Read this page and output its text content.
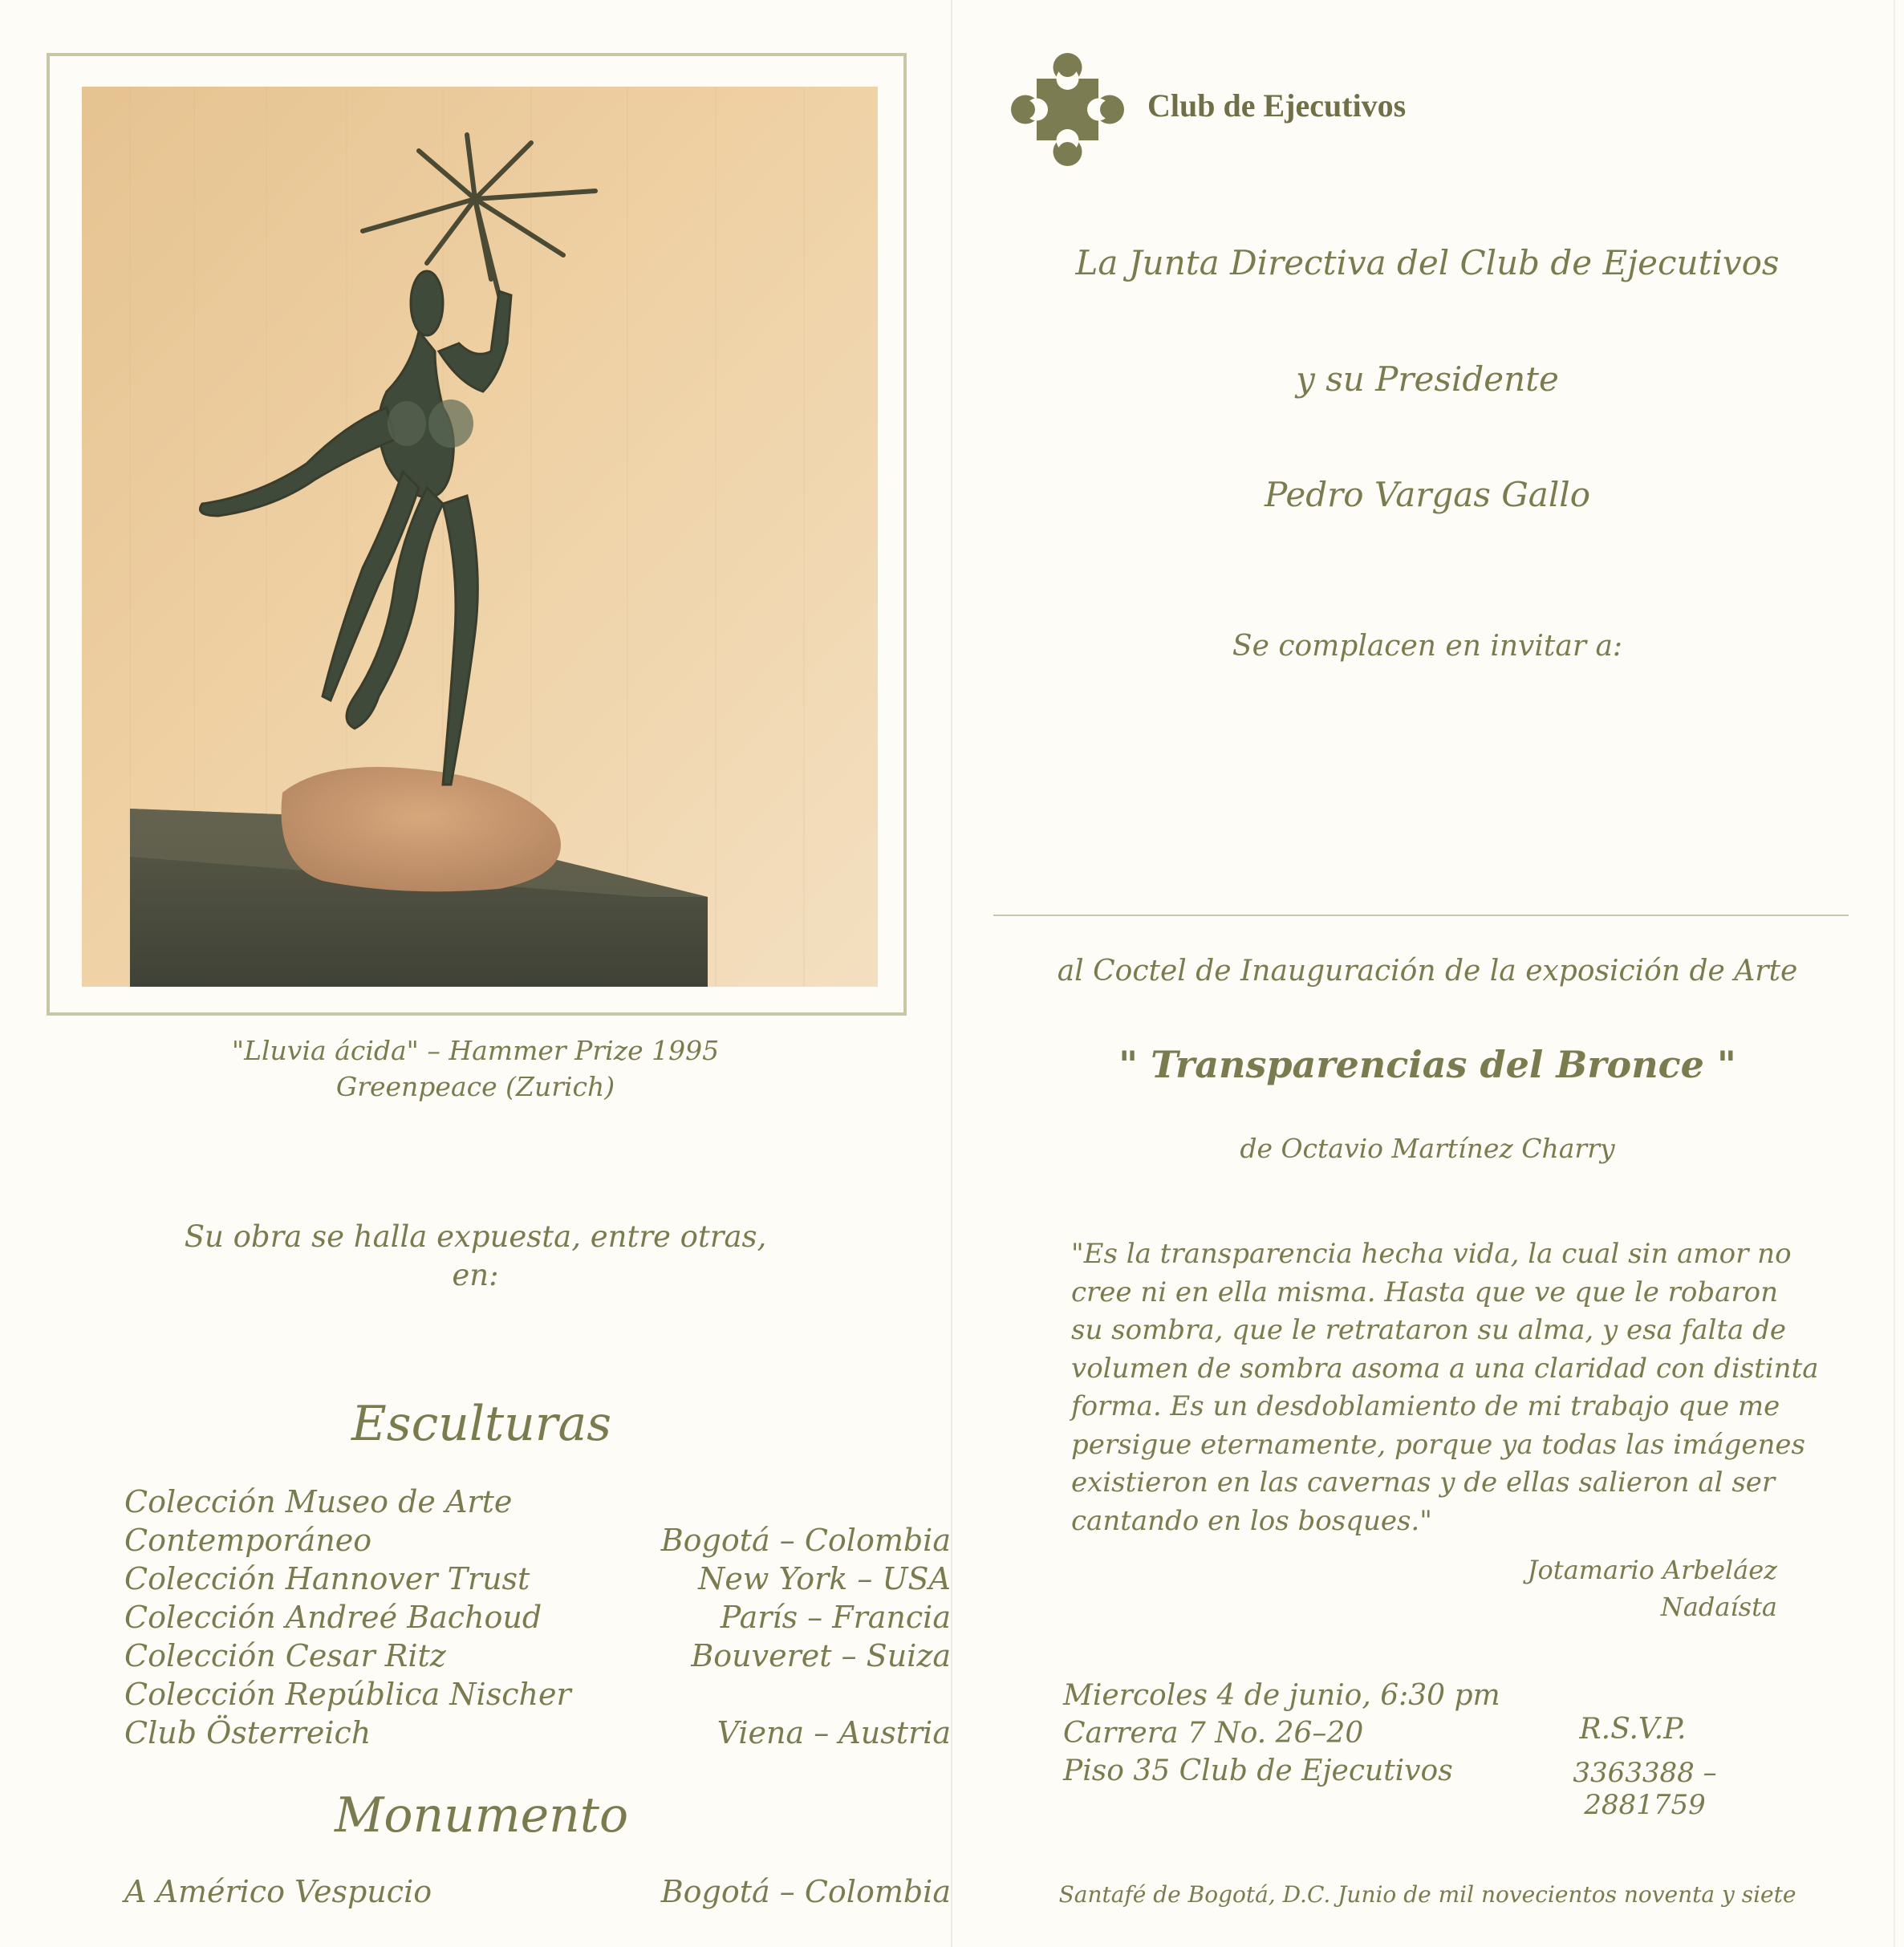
"Lluvia ácida" – Hammer Prize 1995
Greenpeace (Zurich)
Su obra se halla expuesta, entre otras,
en:
Esculturas
Colección Museo de Arte
Contemporáneo	Bogotá – Colombia
Colección Hannover Trust	New York – USA
Colección Andreé Bachoud	París – Francia
Colección Cesar Ritz	Bouveret – Suiza
Colección República Nischer
Club Österreich	Viena – Austria
Monumento
A Américo Vespucio	Bogotá – Colombia
Club de Ejecutivos
La Junta Directiva del Club de Ejecutivos
y su Presidente
Pedro Vargas Gallo
Se complacen en invitar a:
al Coctel de Inauguración de la exposición de Arte
" Transparencias del Bronce "
de Octavio Martínez Charry
"Es la transparencia hecha vida, la cual sin amor no
cree ni en ella misma. Hasta que ve que le robaron
su sombra, que le retrataron su alma, y esa falta de
volumen de sombra asoma a una claridad con distinta
forma. Es un desdoblamiento de mi trabajo que me
persigue eternamente, porque ya todas las imágenes
existieron en las cavernas y de ellas salieron al ser
cantando en los bosques."
Jotamario Arbeláez
Nadaísta
Miercoles 4 de junio, 6:30 pm
Carrera 7 No. 26–20
Piso 35 Club de Ejecutivos
R.S.V.P.
3363388 – 2881759
Santafé de Bogotá, D.C. Junio de mil novecientos noventa y siete
